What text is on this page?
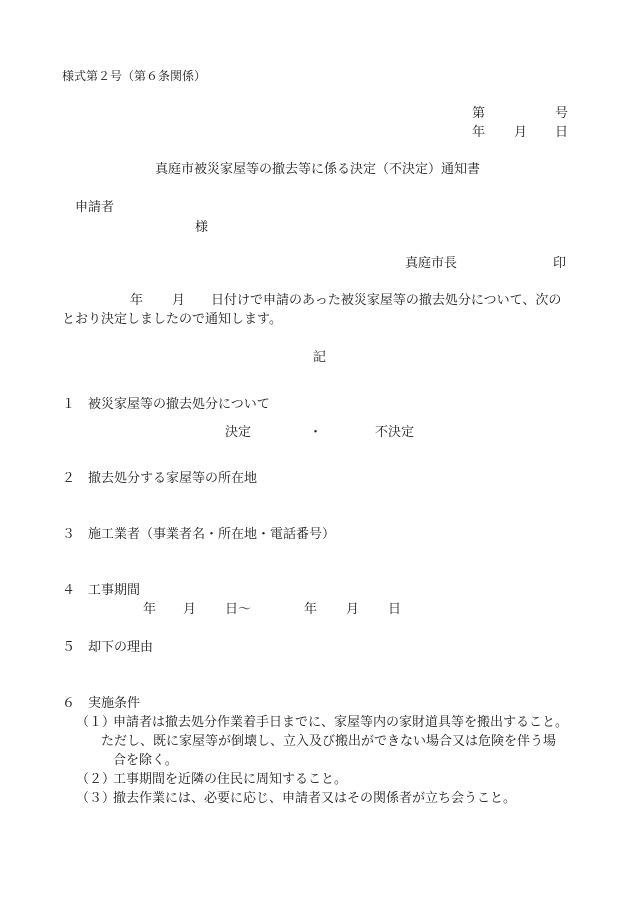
様式第２号（第６条関係）
第	号
年 月 日
真庭市被災家屋等の撤去等に係る決定（不決定）通知書
申請者
様
真庭市長	印
年 月 日付けで申請のあった被災家屋等の撤去処分について、次の
とおり決定しましたので通知します。
記
１ 被災家屋等の撤去処分について
決定	・	不決定
２ 撤去処分する家屋等の所在地
３ 施工業者（事業者名・所在地・電話番号）
４ 工事期間
年 月 日～	年 月 日
５ 却下の理由
６ 実施条件
（１）
申請者は撤去処分作業着手日までに、家屋等内の家財道具等を搬出すること。
ただし、既に家屋等が倒壊し、立入及び搬出ができない場合又は危険を伴う場
合を除く。
（２）
工事期間を近隣の住民に周知すること。
（３）
撤去作業には、必要に応じ、申請者又はその関係者が立ち会うこと。
